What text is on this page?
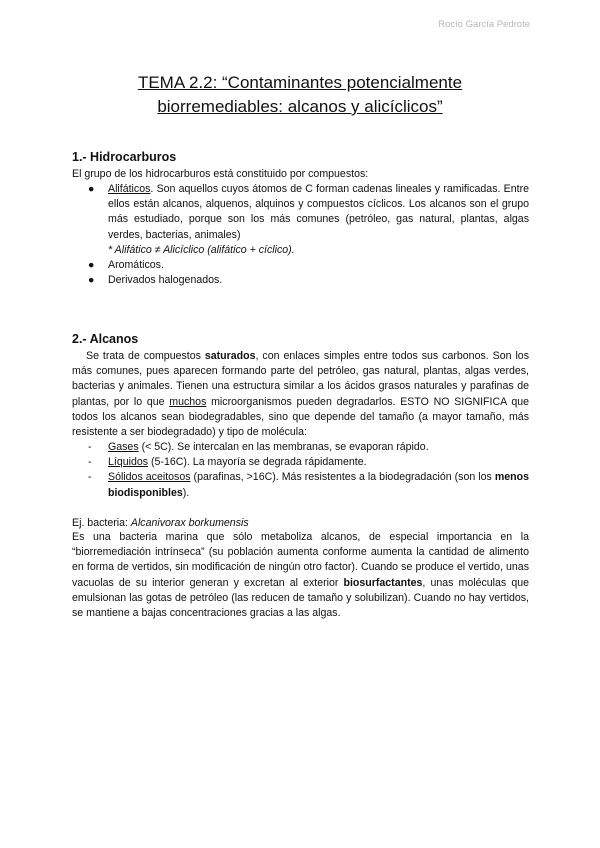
Rocío García Pedrote
TEMA 2.2: “Contaminantes potencialmente
biorremediables: alcanos y alicíclicos”
1.- Hidrocarburos
El grupo de los hidrocarburos está constituido por compuestos:
● Alifáticos. Son aquellos cuyos átomos de C forman cadenas lineales y ramificadas. Entre ellos están alcanos, alquenos, alquinos y compuestos cíclicos. Los alcanos son el grupo más estudiado, porque son los más comunes (petróleo, gas natural, plantas, algas verdes, bacterias, animales)
* Alifático ≠ Alicíclico (alifático + cíclico).
● Aromáticos.
● Derivados halogenados.
2.- Alcanos
Se trata de compuestos saturados, con enlaces simples entre todos sus carbonos. Son los más comunes, pues aparecen formando parte del petróleo, gas natural, plantas, algas verdes, bacterias y animales. Tienen una estructura similar a los ácidos grasos naturales y parafinas de plantas, por lo que muchos microorganismos pueden degradarlos. ESTO NO SIGNIFICA que todos los alcanos sean biodegradables, sino que depende del tamaño (a mayor tamaño, más resistente a ser biodegradado) y tipo de molécula:
- Gases (< 5C). Se intercalan en las membranas, se evaporan rápido.
- Líquidos (5-16C). La mayoría se degrada rápidamente.
- Sólidos aceitosos (parafinas, >16C). Más resistentes a la biodegradación (son los menos biodisponibles).
Ej. bacteria: Alcanivorax borkumensis
Es una bacteria marina que sólo metaboliza alcanos, de especial importancia en la “biorremediación intrínseca” (su población aumenta conforme aumenta la cantidad de alimento en forma de vertidos, sin modificación de ningún otro factor). Cuando se produce el vertido, unas vacuolas de su interior generan y excretan al exterior biosurfactantes, unas moléculas que emulsionan las gotas de petróleo (las reducen de tamaño y solubilizan). Cuando no hay vertidos, se mantiene a bajas concentraciones gracias a las algas.
